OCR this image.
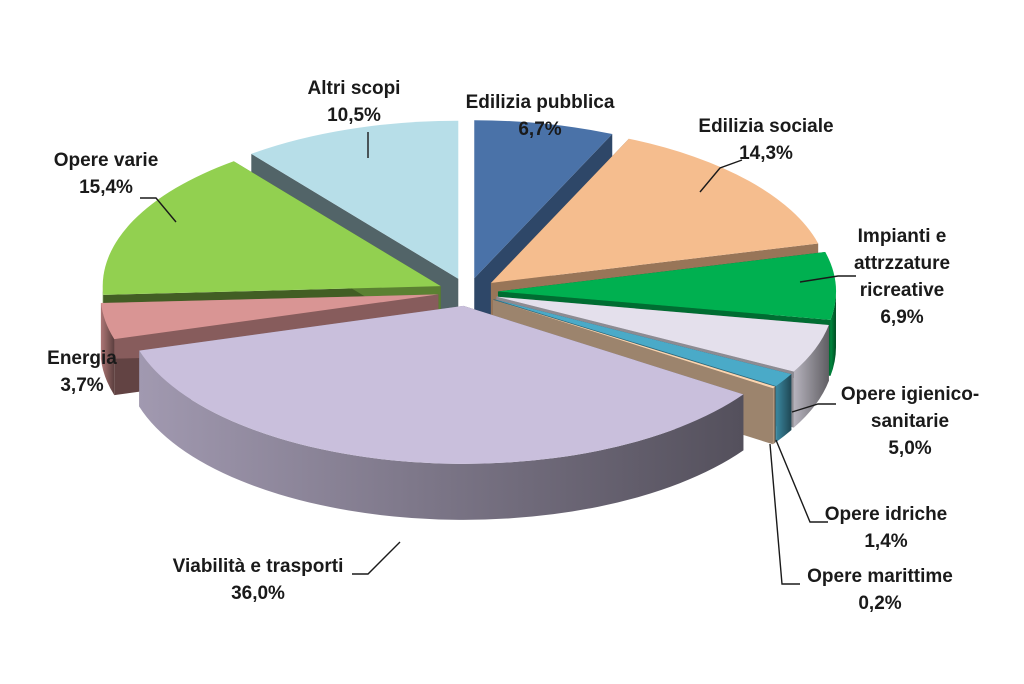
Edilizia pubblica
6,7%	Edilizia sociale
14,3%
Impianti e
attrzzature
ricreative
6,9%
Opere igienico-
sanitarie
5,0%
Opere idriche
1,4%
Opere marittime
0,2%
Viabilità e trasporti
36,0%
Energia
3,7%
Opere varie
15,4%
Altri scopi
10,5%
